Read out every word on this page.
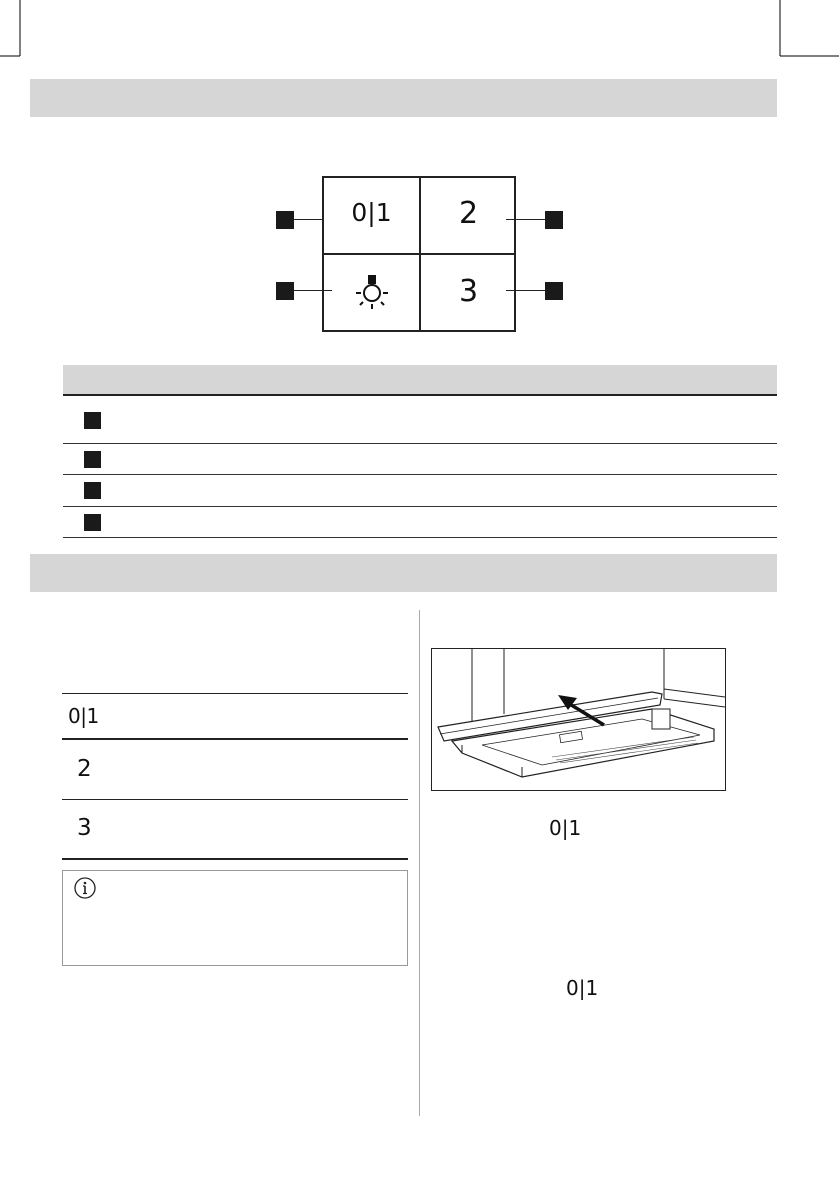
0|1	2
3
0|1
2
3	0|1
0|1
